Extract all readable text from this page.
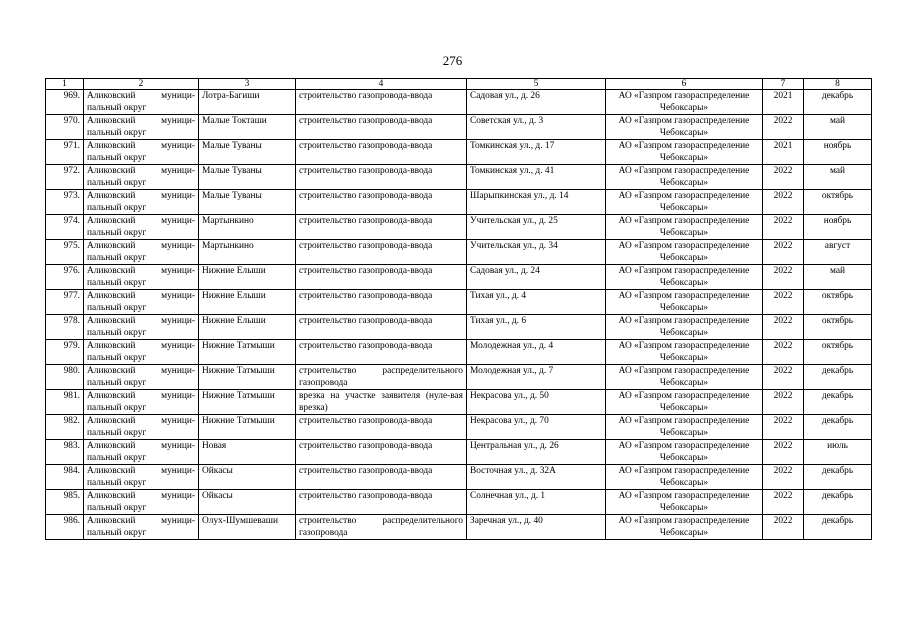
276
1	2	3	4	5	6	7	8
969.	Аликовский муници-пальный округ	Лотра-Багиши	строительство газопровода-ввода	Садовая ул., д. 26	АО «Газпром газораспределение Чебоксары»	2021	декабрь
970.	Аликовский муници-пальный округ	Малые Токташи	строительство газопровода-ввода	Советская ул., д. 3	АО «Газпром газораспределение Чебоксары»	2022	май
971.	Аликовский муници-пальный округ	Малые Туваны	строительство газопровода-ввода	Томкинская ул., д. 17	АО «Газпром газораспределение Чебоксары»	2021	ноябрь
972.	Аликовский муници-пальный округ	Малые Туваны	строительство газопровода-ввода	Томкинская ул., д. 41	АО «Газпром газораспределение Чебоксары»	2022	май
973.	Аликовский муници-пальный округ	Малые Туваны	строительство газопровода-ввода	Шарыпкинская ул., д. 14	АО «Газпром газораспределение Чебоксары»	2022	октябрь
974.	Аликовский муници-пальный округ	Мартынкино	строительство газопровода-ввода	Учительская ул., д. 25	АО «Газпром газораспределение Чебоксары»	2022	ноябрь
975.	Аликовский муници-пальный округ	Мартынкино	строительство газопровода-ввода	Учительская ул., д. 34	АО «Газпром газораспределение Чебоксары»	2022	август
976.	Аликовский муници-пальный округ	Нижние Елыши	строительство газопровода-ввода	Садовая ул., д. 24	АО «Газпром газораспределение Чебоксары»	2022	май
977.	Аликовский муници-пальный округ	Нижние Елыши	строительство газопровода-ввода	Тихая ул., д. 4	АО «Газпром газораспределение Чебоксары»	2022	октябрь
978.	Аликовский муници-пальный округ	Нижние Елыши	строительство газопровода-ввода	Тихая ул., д. 6	АО «Газпром газораспределение Чебоксары»	2022	октябрь
979.	Аликовский муници-пальный округ	Нижние Татмыши	строительство газопровода-ввода	Молодежная ул., д. 4	АО «Газпром газораспределение Чебоксары»	2022	октябрь
980.	Аликовский муници-пальный округ	Нижние Татмыши	строительство распределительного газопровода	Молодежная ул., д. 7	АО «Газпром газораспределение Чебоксары»	2022	декабрь
981.	Аликовский муници-пальный округ	Нижние Татмыши	врезка на участке заявителя (нуле-вая врезка)	Некрасова ул., д. 50	АО «Газпром газораспределение Чебоксары»	2022	декабрь
982.	Аликовский муници-пальный округ	Нижние Татмыши	строительство газопровода-ввода	Некрасова ул., д. 70	АО «Газпром газораспределение Чебоксары»	2022	декабрь
983.	Аликовский муници-пальный округ	Новая	строительство газопровода-ввода	Центральная ул., д. 26	АО «Газпром газораспределение Чебоксары»	2022	июль
984.	Аликовский муници-пальный округ	Ойкасы	строительство газопровода-ввода	Восточная ул., д. 32А	АО «Газпром газораспределение Чебоксары»	2022	декабрь
985.	Аликовский муници-пальный округ	Ойкасы	строительство газопровода-ввода	Солнечная ул., д. 1	АО «Газпром газораспределение Чебоксары»	2022	декабрь
986.	Аликовский муници-пальный округ	Олух-Шумшеваши	строительство распределительного газопровода	Заречная ул., д. 40	АО «Газпром газораспределение Чебоксары»	2022	декабрь
